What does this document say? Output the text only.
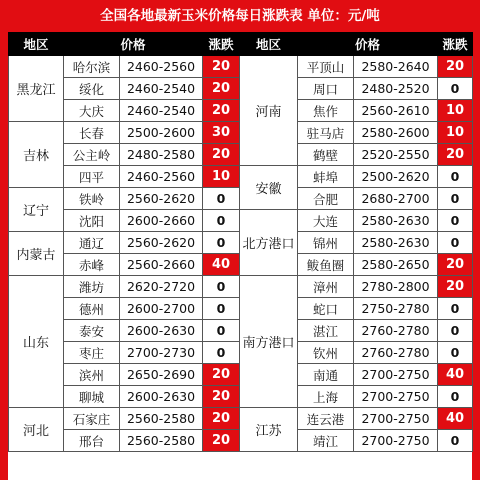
全国各地最新玉米价格每日涨跌表 单位：元/吨
地区	价格		涨跌
黑龙江	哈尔滨	2460-2560	20
	绥化	2460-2540	20
	大庆	2460-2540	20
吉林	长春	2500-2600	30
	公主岭	2480-2580	20
	四平	2460-2560	10
辽宁	铁岭	2560-2620	0
	沈阳	2600-2660	0
内蒙古	通辽	2560-2620	0
	赤峰	2560-2660	40
山东	潍坊	2620-2720	0
	德州	2600-2700	0
	泰安	2600-2630	0
	枣庄	2700-2730	0
	滨州	2650-2690	20
	聊城	2600-2630	20
河北	石家庄	2560-2580	20
	邢台	2560-2580	20
地区	价格		涨跌
河南	平顶山	2580-2640	20
	周口	2480-2520	0
	焦作	2560-2610	10
	驻马店	2580-2600	10
	鹤壁	2520-2550	20
安徽	蚌埠	2500-2620	0
	合肥	2680-2700	0
北方港口	大连	2580-2630	0
	锦州	2580-2630	0
	鲅鱼圈	2580-2650	20
南方港口	漳州	2780-2800	20
	蛇口	2750-2780	0
	湛江	2760-2780	0
	钦州	2760-2780	0
	南通	2700-2750	40
	上海	2700-2750	0
江苏	连云港	2700-2750	40
	靖江	2700-2750	0
